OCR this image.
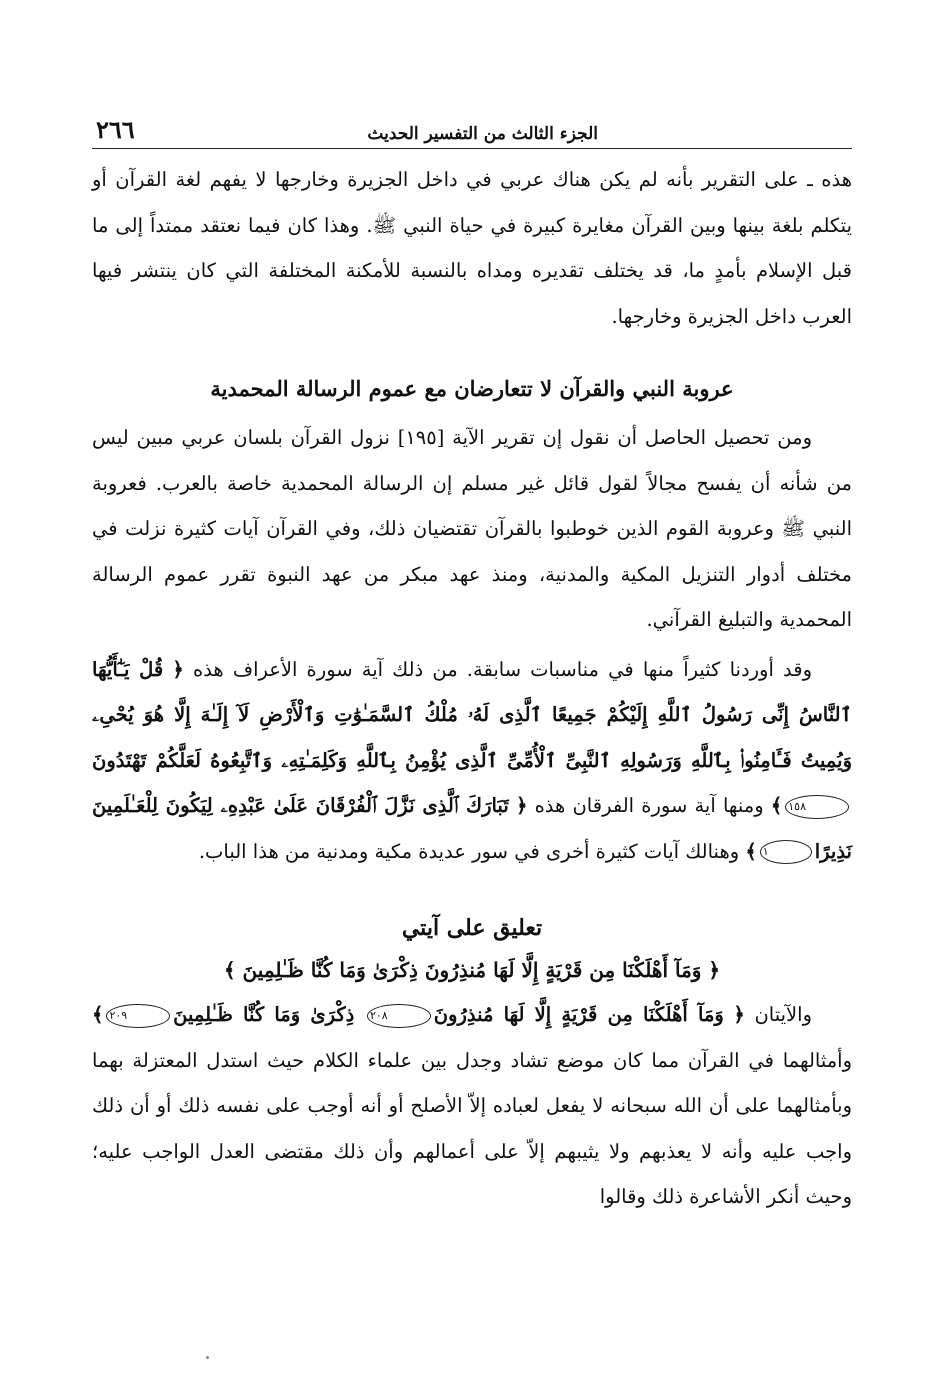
الجزء الثالث من التفسير الحديث
٢٦٦

هذه ـ على التقرير بأنه لم يكن هناك عربي في داخل الجزيرة وخارجها لا يفهم لغة القرآن أو يتكلم بلغة بينها وبين القرآن مغايرة كبيرة في حياة النبي ﷺ. وهذا كان فيما نعتقد ممتداً إلى ما قبل الإسلام بأمدٍ ما، قد يختلف تقديره ومداه بالنسبة للأمكنة المختلفة التي كان ينتشر فيها العرب داخل الجزيرة وخارجها.

عروبة النبي والقرآن لا تتعارضان مع عموم الرسالة المحمدية

ومن تحصيل الحاصل أن نقول إن تقرير الآية [١٩٥] نزول القرآن بلسان عربي مبين ليس من شأنه أن يفسح مجالاً لقول قائل غير مسلم إن الرسالة المحمدية خاصة بالعرب. فعروبة النبي ﷺ وعروبة القوم الذين خوطبوا بالقرآن تقتضيان ذلك، وفي القرآن آيات كثيرة نزلت في مختلف أدوار التنزيل المكية والمدنية، ومنذ عهد مبكر من عهد النبوة تقرر عموم الرسالة المحمدية والتبليغ القرآني.

وقد أوردنا كثيراً منها في مناسبات سابقة. من ذلك آية سورة الأعراف هذه ﴿ قُلْ يَـٰٓأَيُّهَا ٱلنَّاسُ إِنِّى رَسُولُ ٱللَّهِ إِلَيْكُمْ جَمِيعًا ٱلَّذِى لَهُۥ مُلْكُ ٱلسَّمَـٰوَٰتِ وَٱلْأَرْضِ لَآ إِلَـٰهَ إِلَّا هُوَ يُحْىِۦ وَيُمِيتُ فَـَٔامِنُوا۟ بِٱللَّهِ وَرَسُولِهِ ٱلنَّبِىِّ ٱلْأُمِّىِّ ٱلَّذِى يُؤْمِنُ بِٱللَّهِ وَكَلِمَـٰتِهِۦ وَٱتَّبِعُوهُ لَعَلَّكُمْ تَهْتَدُونَ١٥٨﴾ ومنها آية سورة الفرقان هذه ﴿ تَبَارَكَ ٱلَّذِى نَزَّلَ ٱلْفُرْقَانَ عَلَىٰ عَبْدِهِۦ لِيَكُونَ لِلْعَـٰلَمِينَ نَذِيرًا١﴾ وهنالك آيات كثيرة أخرى في سور عديدة مكية ومدنية من هذا الباب.

تعليق على آيتي

﴿ وَمَآ أَهْلَكْنَا مِن قَرْيَةٍ إِلَّا لَهَا مُنذِرُونَ ذِكْرَىٰ وَمَا كُنَّا ظَـٰلِمِينَ ﴾

والآيتان ﴿ وَمَآ أَهْلَكْنَا مِن قَرْيَةٍ إِلَّا لَهَا مُنذِرُونَ٢٠٨ ذِكْرَىٰ وَمَا كُنَّا ظَـٰلِمِينَ٢٠٩﴾ وأمثالهما في القرآن مما كان موضع تشاد وجدل بين علماء الكلام حيث استدل المعتزلة بهما وبأمثالهما على أن الله سبحانه لا يفعل لعباده إلاّ الأصلح أو أنه أوجب على نفسه ذلك أو أن ذلك واجب عليه وأنه لا يعذبهم ولا يثيبهم إلاّ على أعمالهم وأن ذلك مقتضى العدل الواجب عليه؛ وحيث أنكر الأشاعرة ذلك وقالوا
